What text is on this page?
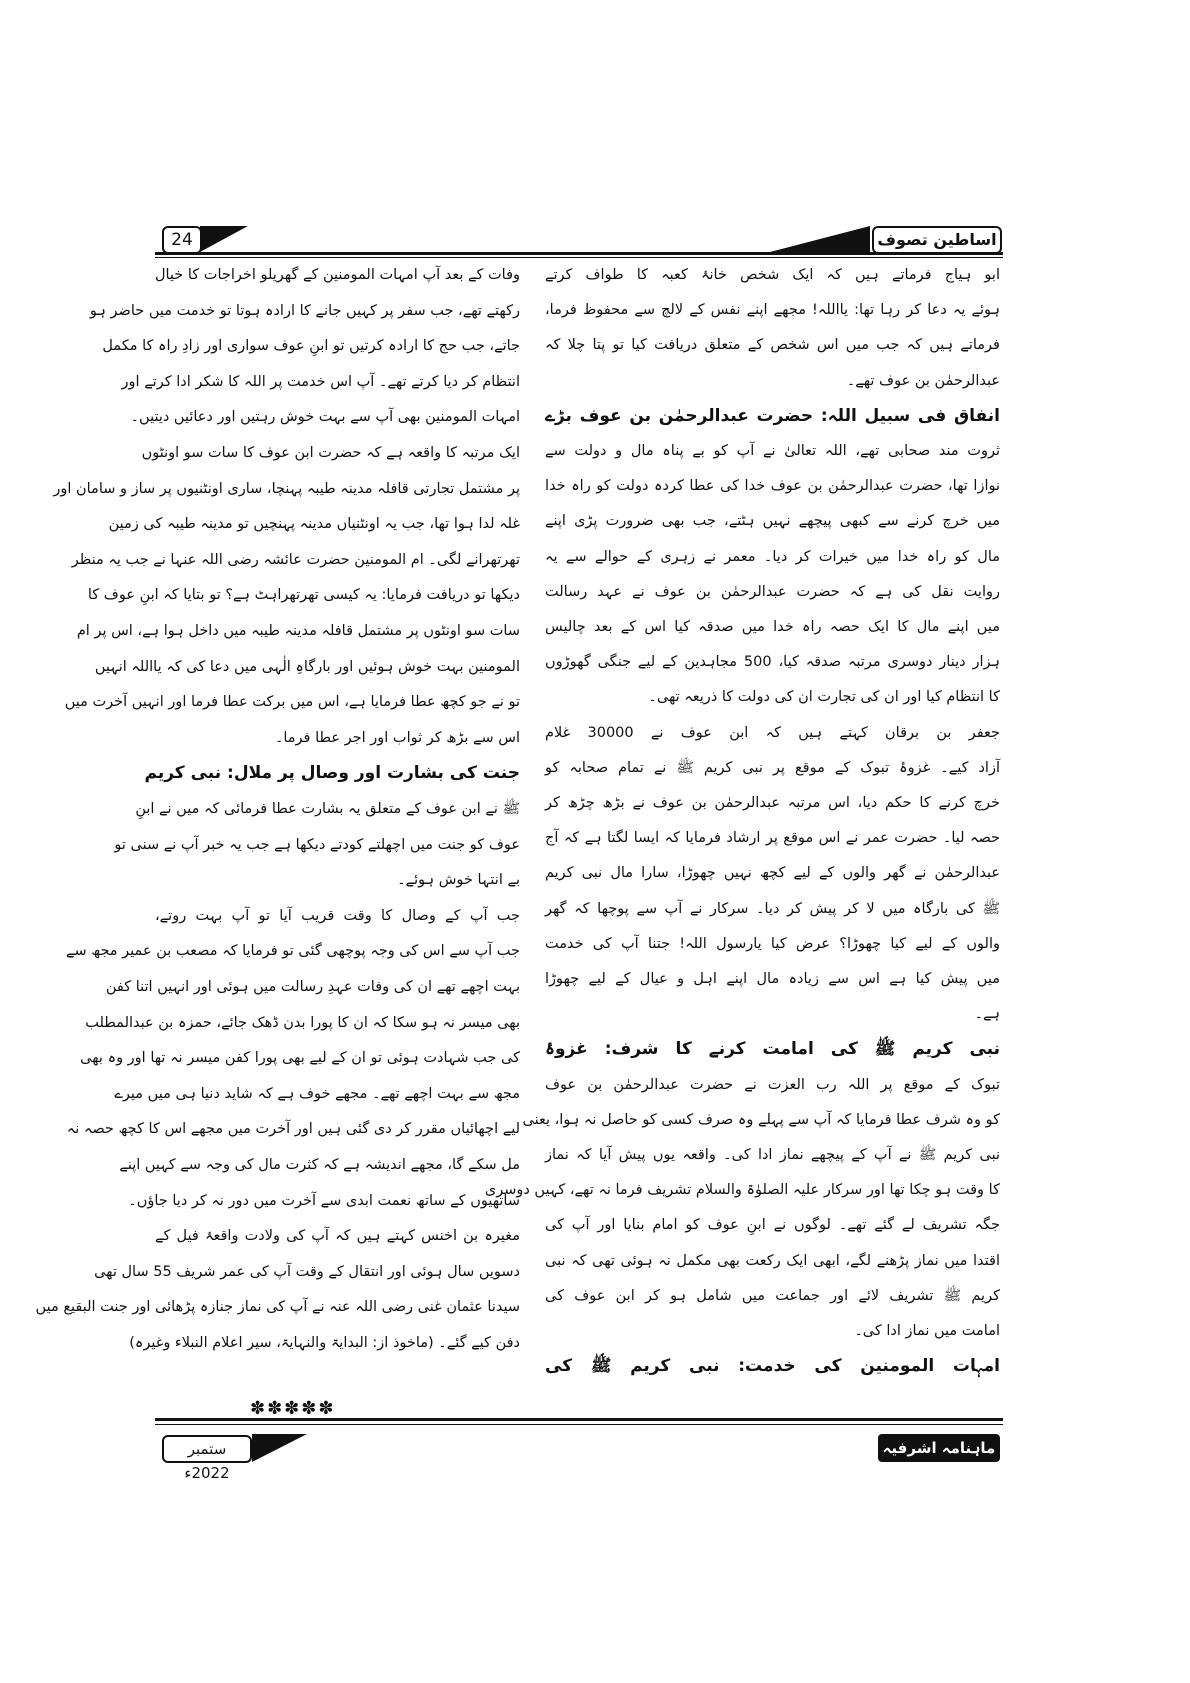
24	اساطین تصوف
ابو ہیاج فرماتے ہیں کہ ایک شخص خانۂ کعبہ کا طواف کرتے
ہوئے یہ دعا کر رہا تھا: یااللہ! مجھے اپنے نفس کے لالچ سے محفوظ فرما،
فرماتے ہیں کہ جب میں اس شخص کے متعلق دریافت کیا تو پتا چلا کہ
عبدالرحمٰن بن عوف تھے۔
انفاق فی سبیل اللہ: حضرت عبدالرحمٰن بن عوف بڑے
ثروت مند صحابی تھے، اللہ تعالیٰ نے آپ کو بے پناہ مال و دولت سے
نوازا تھا، حضرت عبدالرحمٰن بن عوف خدا کی عطا کردہ دولت کو راہ خدا
میں خرچ کرنے سے کبھی پیچھے نہیں ہٹتے، جب بھی ضرورت پڑی اپنے
مال کو راہ خدا میں خیرات کر دیا۔ معمر نے زہری کے حوالے سے یہ
روایت نقل کی ہے کہ حضرت عبدالرحمٰن بن عوف نے عہد رسالت
میں اپنے مال کا ایک حصہ راہ خدا میں صدقہ کیا اس کے بعد چالیس
ہزار دینار دوسری مرتبہ صدقہ کیا، 500 مجاہدین کے لیے جنگی گھوڑوں
کا انتظام کیا اور ان کی تجارت ان کی دولت کا ذریعہ تھی۔
جعفر بن برقان کہتے ہیں کہ ابن عوف نے 30000 غلام
آزاد کیے۔ غزوۂ تبوک کے موقع پر نبی کریم ﷺ نے تمام صحابہ کو
خرچ کرنے کا حکم دیا، اس مرتبہ عبدالرحمٰن بن عوف نے بڑھ چڑھ کر
حصہ لیا۔ حضرت عمر نے اس موقع پر ارشاد فرمایا کہ ایسا لگتا ہے کہ آج
عبدالرحمٰن نے گھر والوں کے لیے کچھ نہیں چھوڑا، سارا مال نبی کریم
ﷺ کی بارگاہ میں لا کر پیش کر دیا۔ سرکار نے آپ سے پوچھا کہ گھر
والوں کے لیے کیا چھوڑا؟ عرض کیا یارسول اللہ! جتنا آپ کی خدمت
میں پیش کیا ہے اس سے زیادہ مال اپنے اہل و عیال کے لیے چھوڑا
ہے۔
نبی کریم ﷺ کی امامت کرنے کا شرف: غزوۂ
تبوک کے موقع پر اللہ رب العزت نے حضرت عبدالرحمٰن بن عوف
کو وہ شرف عطا فرمایا کہ آپ سے پہلے وہ صرف کسی کو حاصل نہ ہوا، یعنی
نبی کریم ﷺ نے آپ کے پیچھے نماز ادا کی۔ واقعہ یوں پیش آیا کہ نماز
کا وقت ہو چکا تھا اور سرکار علیہ الصلوٰۃ والسلام تشریف فرما نہ تھے، کہیں دوسری
جگہ تشریف لے گئے تھے۔ لوگوں نے ابنِ عوف کو امام بنایا اور آپ کی
اقتدا میں نماز پڑھنے لگے، ابھی ایک رکعت بھی مکمل نہ ہوئی تھی کہ نبی
کریم ﷺ تشریف لائے اور جماعت میں شامل ہو کر ابن عوف کی
امامت میں نماز ادا کی۔
امہات المومنین کی خدمت: نبی کریم ﷺ کی
وفات کے بعد آپ امہات المومنین کے گھریلو اخراجات کا خیال
رکھتے تھے، جب سفر پر کہیں جانے کا ارادہ ہوتا تو خدمت میں حاضر ہو
جاتے، جب حج کا ارادہ کرتیں تو ابنِ عوف سواری اور زادِ راہ کا مکمل
انتظام کر دیا کرتے تھے۔ آپ اس خدمت پر اللہ کا شکر ادا کرتے اور
امہات المومنین بھی آپ سے بہت خوش رہتیں اور دعائیں دیتیں۔
ایک مرتبہ کا واقعہ ہے کہ حضرت ابن عوف کا سات سو اونٹوں
پر مشتمل تجارتی قافلہ مدینہ طیبہ پہنچا، ساری اونٹنیوں پر ساز و سامان اور
غلہ لدا ہوا تھا، جب یہ اونٹنیاں مدینہ پہنچیں تو مدینہ طیبہ کی زمین
تھرتھرانے لگی۔ ام المومنین حضرت عائشہ رضی اللہ عنہا نے جب یہ منظر
دیکھا تو دریافت فرمایا: یہ کیسی تھرتھراہٹ ہے؟ تو بتایا کہ ابنِ عوف کا
سات سو اونٹوں پر مشتمل قافلہ مدینہ طیبہ میں داخل ہوا ہے، اس پر ام
المومنین بہت خوش ہوئیں اور بارگاہِ الٰہی میں دعا کی کہ یااللہ انہیں
تو نے جو کچھ عطا فرمایا ہے، اس میں برکت عطا فرما اور انہیں آخرت میں
اس سے بڑھ کر ثواب اور اجر عطا فرما۔
جنت کی بشارت اور وصال پر ملال: نبی کریم
ﷺ نے ابن عوف کے متعلق یہ بشارت عطا فرمائی کہ میں نے ابنِ
عوف کو جنت میں اچھلتے کودتے دیکھا ہے جب یہ خبر آپ نے سنی تو
بے انتہا خوش ہوئے۔
جب آپ کے وصال کا وقت قریب آیا تو آپ بہت روتے،
جب آپ سے اس کی وجہ پوچھی گئی تو فرمایا کہ مصعب بن عمیر مجھ سے
بہت اچھے تھے ان کی وفات عہدِ رسالت میں ہوئی اور انہیں اتنا کفن
بھی میسر نہ ہو سکا کہ ان کا پورا بدن ڈھک جائے، حمزہ بن عبدالمطلب
کی جب شہادت ہوئی تو ان کے لیے بھی پورا کفن میسر نہ تھا اور وہ بھی
مجھ سے بہت اچھے تھے۔ مجھے خوف ہے کہ شاید دنیا ہی میں میرے
لیے اچھائیاں مقرر کر دی گئی ہیں اور آخرت میں مجھے اس کا کچھ حصہ نہ
مل سکے گا، مجھے اندیشہ ہے کہ کثرت مال کی وجہ سے کہیں اپنے
ساتھیوں کے ساتھ نعمت ابدی سے آخرت میں دور نہ کر دیا جاؤں۔
مغیرہ بن اخنس کہتے ہیں کہ آپ کی ولادت واقعۂ فیل کے
دسویں سال ہوئی اور انتقال کے وقت آپ کی عمر شریف 55 سال تھی
سیدنا عثمان غنی رضی اللہ عنہ نے آپ کی نماز جنازہ پڑھائی اور جنت البقیع میں
دفن کیے گئے۔ (ماخوذ از: البدایۃ والنہایۃ، سیر اعلام النبلاء وغیرہ)
✽✽✽✽✽
ستمبر 2022ء
ماہنامہ اشرفیہ
